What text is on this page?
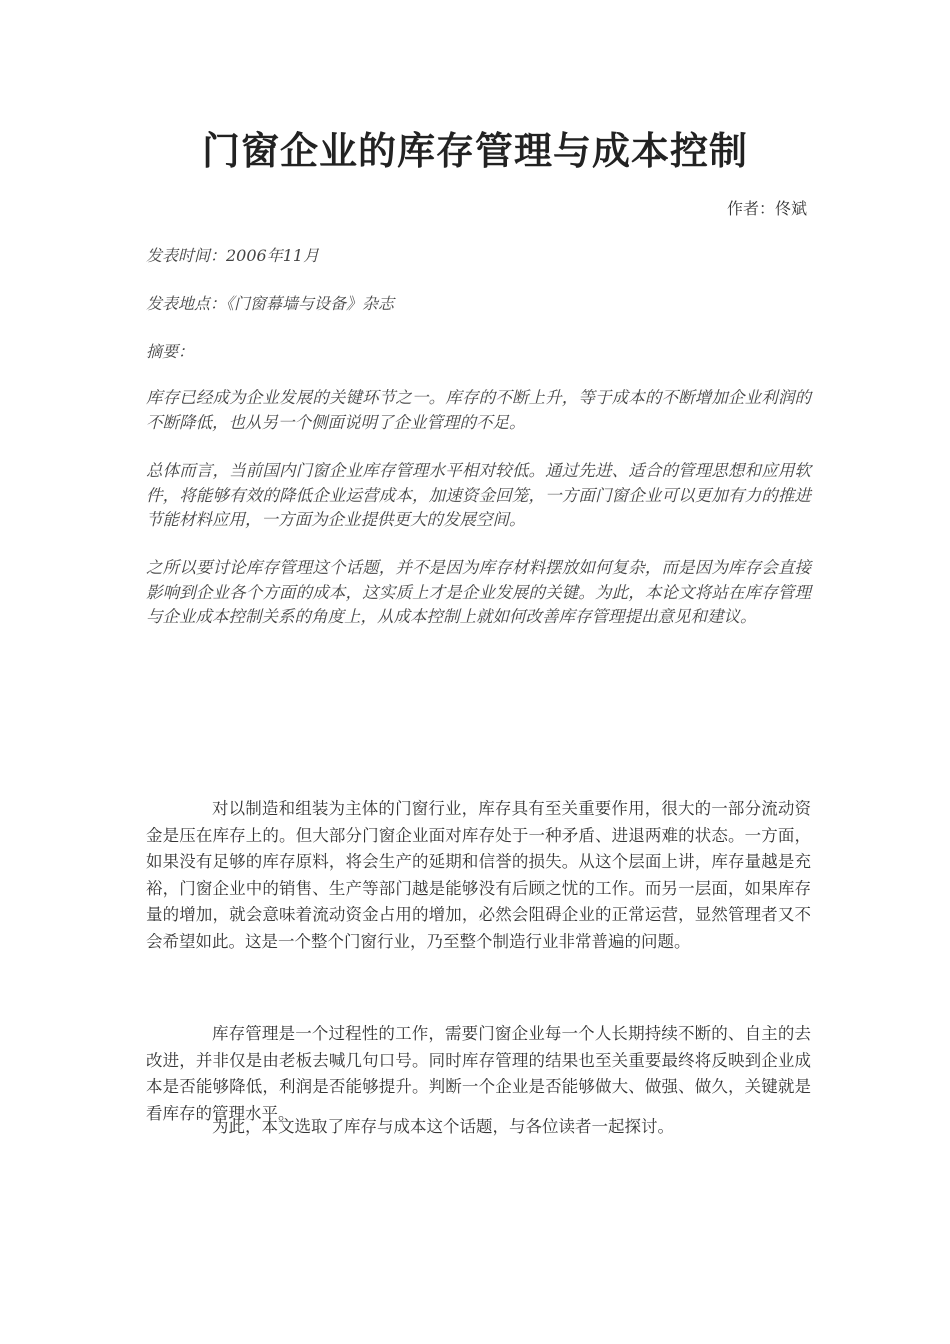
门窗企业的库存管理与成本控制
作者：佟斌
发表时间：2006年11月
发表地点：《门窗幕墙与设备》杂志
摘要：

库存已经成为企业发展的关键环节之一。库存的不断上升，等于成本的不断增加企业利润的不断降低，也从另一个侧面说明了企业管理的不足。

总体而言，当前国内门窗企业库存管理水平相对较低。通过先进、适合的管理思想和应用软件，将能够有效的降低企业运营成本，加速资金回笼，一方面门窗企业可以更加有力的推进节能材料应用，一方面为企业提供更大的发展空间。

之所以要讨论库存管理这个话题，并不是因为库存材料摆放如何复杂，而是因为库存会直接影响到企业各个方面的成本，这实质上才是企业发展的关键。为此，本论文将站在库存管理与企业成本控制关系的角度上，从成本控制上就如何改善库存管理提出意见和建议。

对以制造和组装为主体的门窗行业，库存具有至关重要作用，很大的一部分流动资金是压在库存上的。但大部分门窗企业面对库存处于一种矛盾、进退两难的状态。一方面，如果没有足够的库存原料，将会生产的延期和信誉的损失。从这个层面上讲，库存量越是充裕，门窗企业中的销售、生产等部门越是能够没有后顾之忧的工作。而另一层面，如果库存量的增加，就会意味着流动资金占用的增加，必然会阻碍企业的正常运营，显然管理者又不会希望如此。这是一个整个门窗行业，乃至整个制造行业非常普遍的问题。

库存管理是一个过程性的工作，需要门窗企业每一个人长期持续不断的、自主的去改进，并非仅是由老板去喊几句口号。同时库存管理的结果也至关重要最终将反映到企业成本是否能够降低，利润是否能够提升。判断一个企业是否能够做大、做强、做久，关键就是看库存的管理水平。

为此，本文选取了库存与成本这个话题，与各位读者一起探讨。
